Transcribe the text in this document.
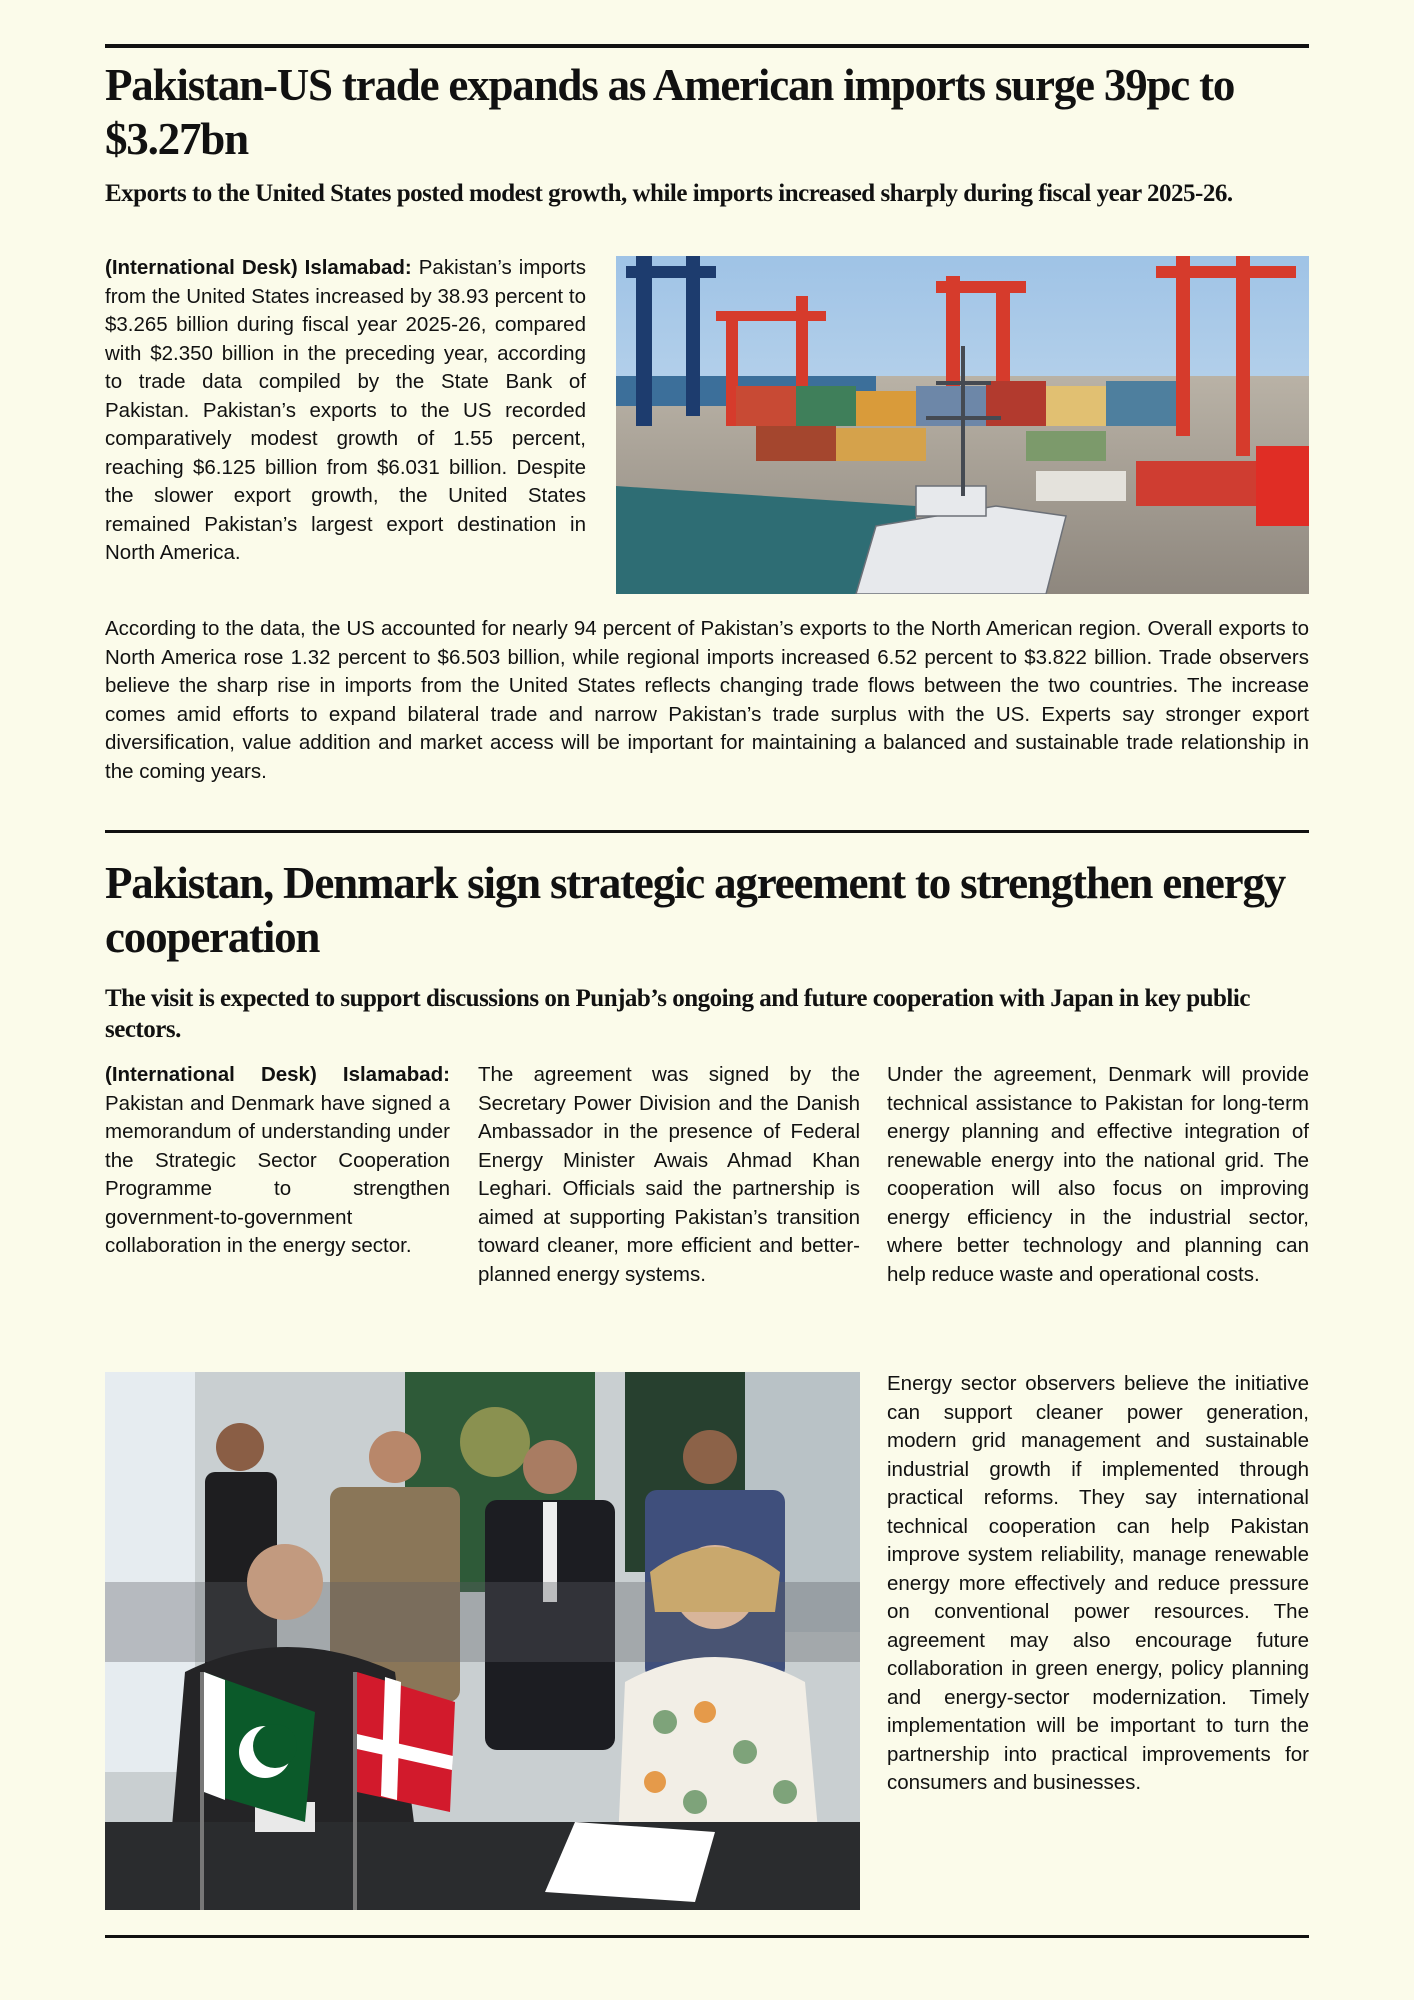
Pakistan-US trade expands as American imports surge 39pc to $3.27bn
Exports to the United States posted modest growth, while imports increased sharply during fiscal year 2025-26.

(International Desk) Islamabad: Pakistan’s imports from the United States increased by 38.93 percent to $3.265 billion during fiscal year 2025-26, compared with $2.350 billion in the preceding year, according to trade data compiled by the State Bank of Pakistan. Pakistan’s exports to the US recorded comparatively modest growth of 1.55 percent, reaching $6.125 billion from $6.031 billion. Despite the slower export growth, the United States remained Pakistan’s largest export destination in North America.

According to the data, the US accounted for nearly 94 percent of Pakistan’s exports to the North American region. Overall exports to North America rose 1.32 percent to $6.503 billion, while regional imports increased 6.52 percent to $3.822 billion. Trade observers believe the sharp rise in imports from the United States reflects changing trade flows between the two countries. The increase comes amid efforts to expand bilateral trade and narrow Pakistan’s trade surplus with the US. Experts say stronger export diversification, value addition and market access will be important for maintaining a balanced and sustainable trade relationship in the coming years.

Pakistan, Denmark sign strategic agreement to strengthen energy cooperation
The visit is expected to support discussions on Punjab’s ongoing and future cooperation with Japan in key public sectors.

(International Desk) Islamabad: Pakistan and Denmark have signed a memorandum of understanding under the Strategic Sector Cooperation Programme to strengthen government-to-government collaboration in the energy sector.

The agreement was signed by the Secretary Power Division and the Danish Ambassador in the presence of Federal Energy Minister Awais Ahmad Khan Leghari. Officials said the partnership is aimed at supporting Pakistan’s transition toward cleaner, more efficient and better-planned energy systems.

Under the agreement, Denmark will provide technical assistance to Pakistan for long-term energy planning and effective integration of renewable energy into the national grid. The cooperation will also focus on improving energy efficiency in the industrial sector, where better technology and planning can help reduce waste and operational costs.

Energy sector observers believe the initiative can support cleaner power generation, modern grid management and sustainable industrial growth if implemented through practical reforms. They say international technical cooperation can help Pakistan improve system reliability, manage renewable energy more effectively and reduce pressure on conventional power resources. The agreement may also encourage future collaboration in green energy, policy planning and energy-sector modernization. Timely implementation will be important to turn the partnership into practical improvements for consumers and businesses.
